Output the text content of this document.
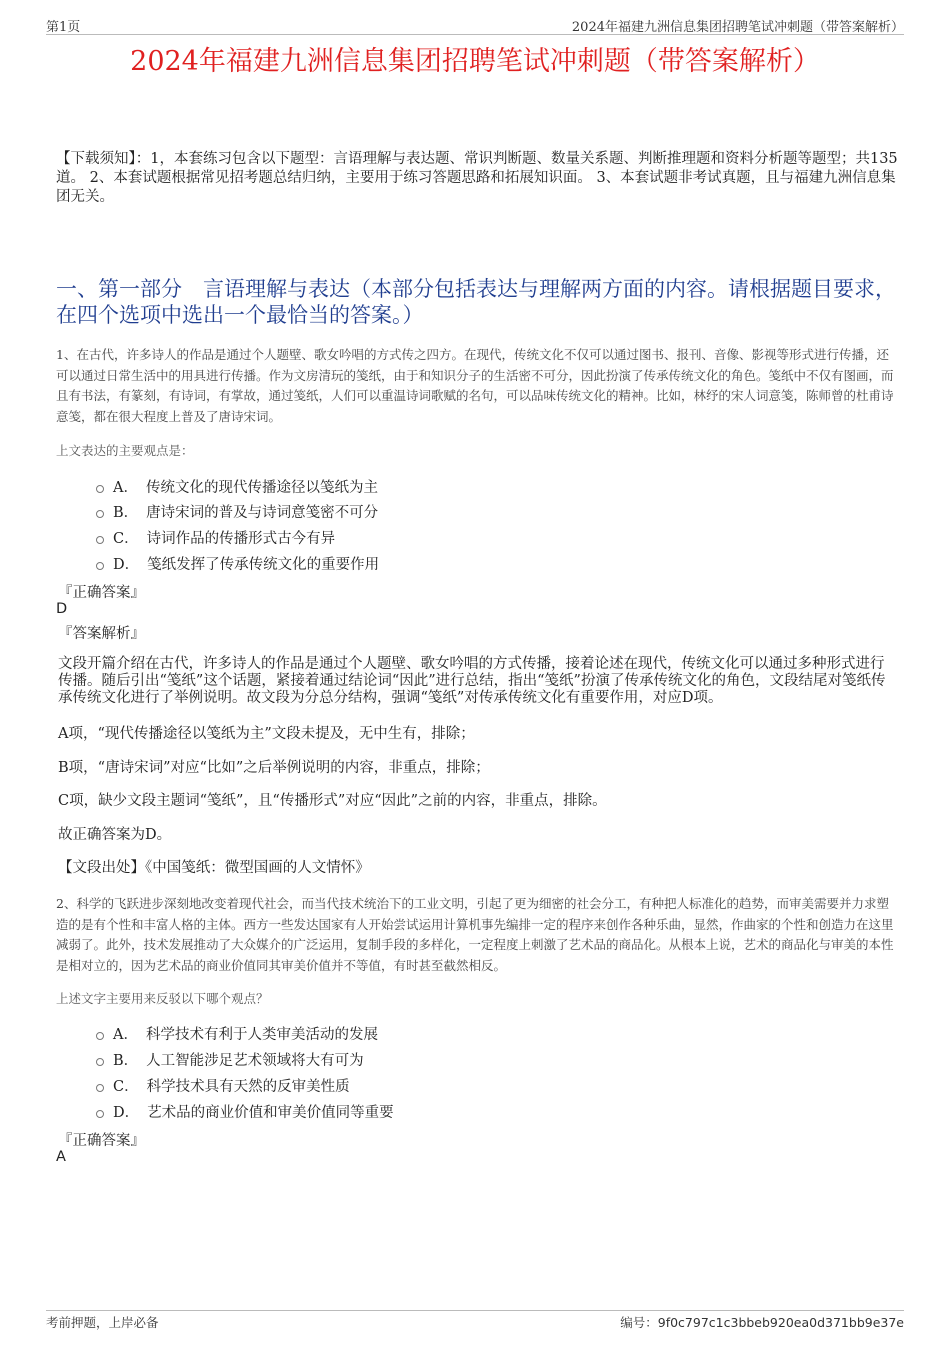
第1页	2024年福建九洲信息集团招聘笔试冲刺题（带答案解析）
2024年福建九洲信息集团招聘笔试冲刺题（带答案解析）
【下载须知】：1，本套练习包含以下题型：言语理解与表达题、常识判断题、数量关系题、判断推理题和资料分析题等题型；共135道。 2、本套试题根据常见招考题总结归纳，主要用于练习答题思路和拓展知识面。 3、本套试题非考试真题，且与福建九洲信息集团无关。
一、第一部分　言语理解与表达（本部分包括表达与理解两方面的内容。请根据题目要求，在四个选项中选出一个最恰当的答案。）
1、在古代，许多诗人的作品是通过个人题壁、歌女吟唱的方式传之四方。在现代，传统文化不仅可以通过图书、报刊、音像、影视等形式进行传播，还可以通过日常生活中的用具进行传播。作为文房清玩的笺纸，由于和知识分子的生活密不可分，因此扮演了传承传统文化的角色。笺纸中不仅有图画，而且有书法，有篆刻，有诗词，有掌故，通过笺纸，人们可以重温诗词歌赋的名句，可以品味传统文化的精神。比如，林纾的宋人词意笺，陈师曾的杜甫诗意笺，都在很大程度上普及了唐诗宋词。
上文表达的主要观点是：
A． 传统文化的现代传播途径以笺纸为主
B． 唐诗宋词的普及与诗词意笺密不可分
C． 诗词作品的传播形式古今有异
D． 笺纸发挥了传承传统文化的重要作用
『正确答案』
D
『答案解析』
文段开篇介绍在古代，许多诗人的作品是通过个人题壁、歌女吟唱的方式传播，接着论述在现代，传统文化可以通过多种形式进行传播。随后引出“笺纸”这个话题，紧接着通过结论词“因此”进行总结，指出“笺纸”扮演了传承传统文化的角色，文段结尾对笺纸传承传统文化进行了举例说明。故文段为分总分结构，强调“笺纸”对传承传统文化有重要作用，对应D项。
A项，“现代传播途径以笺纸为主”文段未提及，无中生有，排除；
B项，“唐诗宋词”对应“比如”之后举例说明的内容，非重点，排除；
C项，缺少文段主题词“笺纸”，且“传播形式”对应“因此”之前的内容，非重点，排除。
故正确答案为D。
【文段出处】《中国笺纸：微型国画的人文情怀》
2、科学的飞跃进步深刻地改变着现代社会，而当代技术统治下的工业文明，引起了更为细密的社会分工，有种把人标准化的趋势，而审美需要并力求塑造的是有个性和丰富人格的主体。西方一些发达国家有人开始尝试运用计算机事先编排一定的程序来创作各种乐曲，显然，作曲家的个性和创造力在这里减弱了。此外，技术发展推动了大众媒介的广泛运用，复制手段的多样化，一定程度上刺激了艺术品的商品化。从根本上说，艺术的商品化与审美的本性是相对立的，因为艺术品的商业价值同其审美价值并不等值，有时甚至截然相反。
上述文字主要用来反驳以下哪个观点？
A． 科学技术有利于人类审美活动的发展
B． 人工智能涉足艺术领域将大有可为
C． 科学技术具有天然的反审美性质
D． 艺术品的商业价值和审美价值同等重要
『正确答案』
A
考前押题，上岸必备	编号：9f0c797c1c3bbeb920ea0d371bb9e37e
